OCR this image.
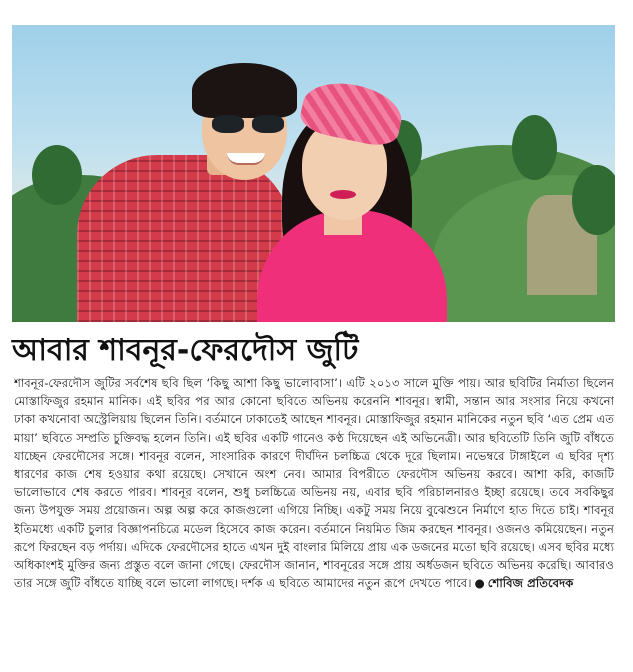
আবার শাবনূর-ফেরদৌস জুটি
শাবনূর-ফেরদৌস জুটির সর্বশেষ ছবি ছিল ‘কিছু আশা কিছু ভালোবাসা’। এটি ২০১৩ সালে মুক্তি পায়। আর ছবিটির নির্মাতা ছিলেন মোস্তাফিজুর রহমান মানিক। এই ছবির পর আর কোনো ছবিতে অভিনয় করেননি শাবনূর। স্বামী, সন্তান আর সংসার নিয়ে কখনো ঢাকা কখনোবা অস্ট্রেলিয়ায় ছিলেন তিনি। বর্তমানে ঢাকাতেই আছেন শাবনূর। মোস্তাফিজুর রহমান মানিকের নতুন ছবি ‘এত প্রেম এত মায়া’ ছবিতে সম্প্রতি চুক্তিবদ্ধ হলেন তিনি। এই ছবির একটি গানেও কণ্ঠ দিয়েছেন এই অভিনেত্রী। আর ছবিতেটি তিনি জুটি বাঁধতে যাচ্ছেন ফেরদৌসের সঙ্গে। শাবনূর বলেন, সাংসারিক কারণে দীর্ঘদিন চলচ্চিত্র থেকে দূরে ছিলাম। নভেম্বরে টাঙ্গাইলে এ ছবির দৃশ্য ধারণের কাজ শেষ হওয়ার কথা রয়েছে। সেখানে অংশ নেব। আমার বিপরীতে ফেরদৌস অভিনয় করবে। আশা করি, কাজটি ভালোভাবে শেষ করতে পারব। শাবনূর বলেন, শুধু চলচ্চিত্রে অভিনয় নয়, এবার ছবি পরিচালনারও ইচ্ছা রয়েছে। তবে সবকিছুর জন্য উপযুক্ত সময় প্রয়োজন। অল্প অল্প করে কাজগুলো এগিয়ে নিচ্ছি। একটু সময় নিয়ে বুঝেশুনে নির্মাণে হাত দিতে চাই। শাবনূর ইতিমধ্যে একটি চুলার বিজ্ঞাপনচিত্রে মডেল হিসেবে কাজ করেন। বর্তমানে নিয়মিত জিম করছেন শাবনূর। ওজনও কমিয়েছেন। নতুন রূপে ফিরছেন বড় পর্দায়। এদিকে ফেরদৌসের হাতে এখন দুই বাংলার মিলিয়ে প্রায় এক ডজনের মতো ছবি রয়েছে। এসব ছবির মধ্যে অধিকাংশই মুক্তির জন্য প্রস্তুত বলে জানা গেছে। ফেরদৌস জানান, শাবনূরের সঙ্গে প্রায় অর্ধডজন ছবিতে অভিনয় করেছি। আবারও তার সঙ্গে জুটি বাঁধতে যাচ্ছি বলে ভালো লাগছে। দর্শক এ ছবিতে আমাদের নতুন রূপে দেখতে পাবে। ● শোবিজ প্রতিবেদক
